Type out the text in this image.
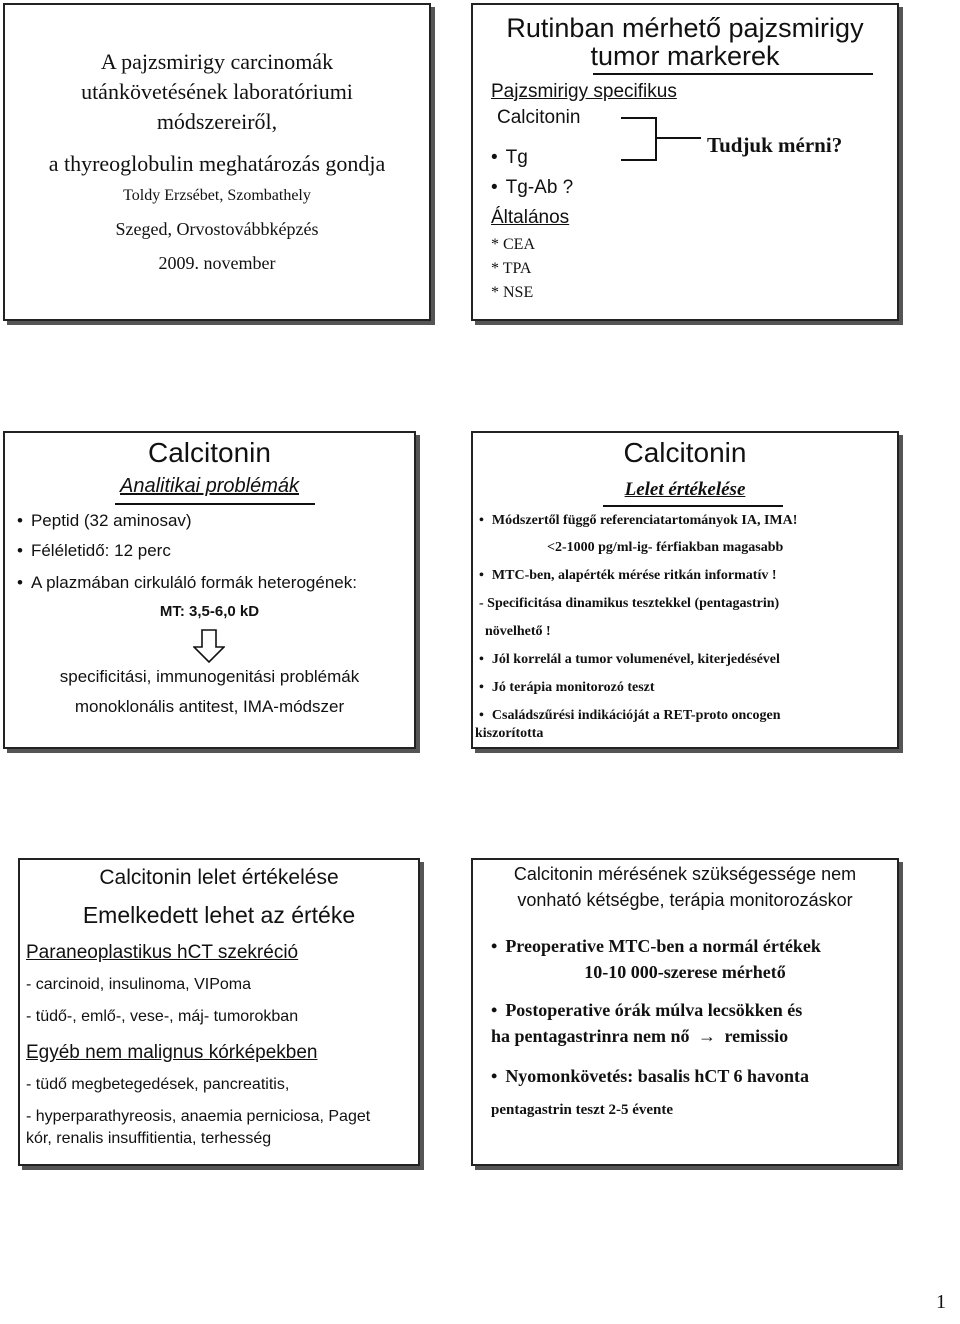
A pajzsmirigy carcinomák
utánkövetésének laboratóriumi
módszereiről,
a thyreoglobulin meghatározás gondja
Toldy Erzsébet, Szombathely
Szeged, Orvostovábbképzés
2009. november
Rutinban mérhető pajzsmirigy
tumor markerek
Pajzsmirigy specifikus
Calcitonin
• Tg
• Tg-Ab ?
Általános
* CEA
* TPA
* NSE
Tudjuk mérni?
Calcitonin
Analitikai problémák
• Peptid (32 aminosav)
• Féléletidő: 12 perc
• A plazmában cirkuláló formák heterogének:
MT: 3,5-6,0 kD
specificitási, immunogenitási problémák
monoklonális antitest, IMA-módszer
Calcitonin
Lelet értékelése
• Módszertől függő referenciatartományok IA, IMA!
<2-1000 pg/ml-ig- férfiakban magasabb
• MTC-ben, alapérték mérése ritkán informatív !
- Specificitása dinamikus tesztekkel (pentagastrin)
növelhető !
• Jól korrelál a tumor volumenével, kiterjedésével
• Jó terápia monitorozó teszt
• Családszűrési indikációját a RET-proto oncogen
kiszorította
Calcitonin lelet értékelése
Emelkedett lehet az értéke
Paraneoplastikus hCT szekréció
- carcinoid, insulinoma, VIPoma
- tüdő-, emlő-, vese-, máj- tumorokban
Egyéb nem malignus kórképekben
- tüdő megbetegedések, pancreatitis,
- hyperparathyreosis, anaemia perniciosa, Paget
kór, renalis insuffitientia, terhesség
Calcitonin mérésének szükségessége nem
vonható kétségbe, terápia monitorozáskor
• Preoperative MTC-ben a normál értékek
10-10 000-szerese mérhető
• Postoperative órák múlva lecsökken és
ha pentagastrinra nem nő → remissio
• Nyomonkövetés: basalis hCT 6 havonta
pentagastrin teszt 2-5 évente
1
